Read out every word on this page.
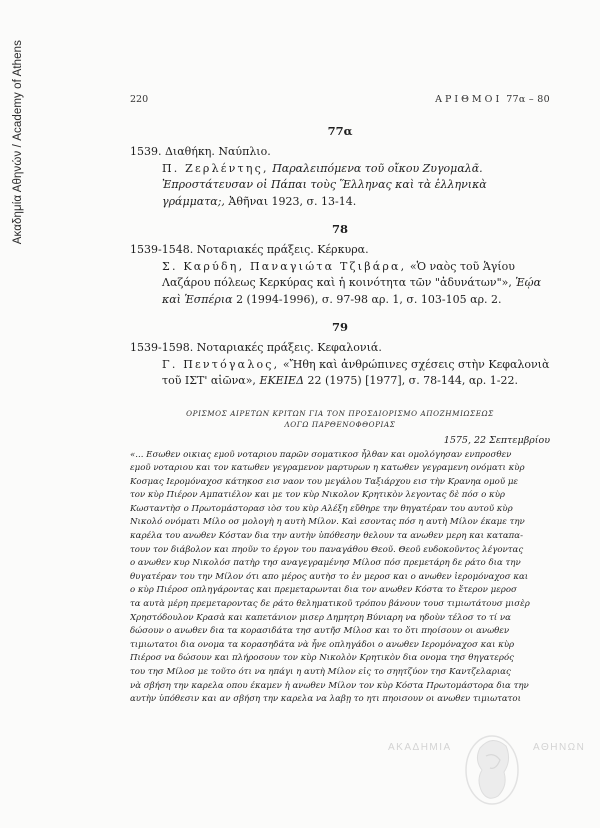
Ακαδημία Αθηνών / Academy of Athens	220	ΑΡΙΘΜΟΙ 77α – 80
77α
1539. Διαθήκη. Ναύπλιο.
Π. Ζερλέντης, Παραλειπόμενα τοῦ οἴκου Ζυγομαλᾶ. Ἐπροστάτευσαν οἱ Πάπαι τοὺς Ἕλληνας καὶ τὰ ἑλληνικὰ γράμματα;, Ἀθῆναι 1923, σ. 13-14.
78
1539-1548. Νοταριακές πράξεις. Κέρκυρα.
Σ. Καρύδη, Παναγιώτα Τζιβάρα, «Ὁ ναὸς τοῦ Ἁγίου Λαζάρου πόλεως Κερκύρας καὶ ἡ κοινότητα τῶν "ἀδυνάτων"», Ἑῴα καὶ Ἑσπέρια 2 (1994-1996), σ. 97-98 αρ. 1, σ. 103-105 αρ. 2.
79
1539-1598. Νοταριακές πράξεις. Κεφαλονιά.
Γ. Πεντόγαλος, «Ἤθη καὶ ἀνθρώπινες σχέσεις στὴν Κεφαλονιὰ τοῦ ΙΣΤ' αἰῶνα», ΕΚΕΙΕΔ 22 (1975) [1977], σ. 78-144, αρ. 1-22.
ΟΡΙΣΜΟΣ ΑΙΡΕΤΩΝ ΚΡΙΤΩΝ ΓΙΑ ΤΟΝ ΠΡΟΣΔΙΟΡΙΣΜΟ ΑΠΟΖΗΜΙΩΣΕΩΣ
ΛΟΓΩ ΠΑΡΘΕΝΟΦΘΟΡΙΑΣ
1575, 22 Σεπτεμβρίου
«... Εσωθεν οικιας εμοῦ νοταριου παρῶν σοματικοσ ἦλθαν και ομολόγησαν ενπροσθεν
εμοῦ νοταριου και τον κατωθεν γεγραμενον μαρτυρων η κατωθεν γεγραμενη ονόματι κὺρ
Κοσμας Ιερομόναχοσ κάτηκοσ εισ ναον του μεγάλου Ταξιάρχου εισ τὴν Κρανηα ομοῦ με
τον κὺρ Πιέρον Αμπατιέλον και με τον κὺρ Νικολον Κρητικὸν λεγοντας δὲ πόσ ο κὺρ
Κωσταντὴσ ο Πρωτομάστορασ ιὸσ του κὺρ Αλέξη εὔθηρε την θηγατέραν του αυτοῦ κὺρ
Νικολό ονόματι Μίλο οσ μολογὴ η αυτὴ Μίλον. Καὶ εσοντας πόσ η αυτὴ Μίλον έκαμε την
καρέλα του ανωθεν Κόσταν δια την αυτὴν ὑπόθεσην θελουν τα ανωθεν μερη και καταπα-
τουν τον διάβολον και πηοῦν το έργον του παναγάθου Θεοῦ. Θεοῦ ευδοκοῦντος λέγοντας
ο ανωθεν κυρ Νικολόσ πατὴρ τησ αναγεγραμένησ Μίλοσ πόσ πρεμετάρη δε ράτο δια την
θυγατέραν του την Μίλον ότι απο μέρος αυτὴσ το ἐν μεροσ και ο ανωθεν ἱερομόναχοσ και
ο κὺρ Πιέροσ οπληγάροντας και πρεμεταρωνται δια τον ανωθεν Κόστα το ἕτερον μεροσ
τα αυτὰ μέρη πρεμεταροντας δε ράτο θεληματικοῦ τρόπου βάνουν τουσ τιμιωτάτουσ μισὲρ
Χρηστόδουλον Κρασὰ και καπετάνιον μισερ Δημητρη Βύνιαρη να ηδοὺν τέλοσ το τί να
δώσουν ο ανωθεν δια τα κορασιδάτα τησ αυτῆσ Μίλοσ και το ὅτι πηοίσουν οι ανωθεν
τιμιωτατοι δια ονομα τα κορασηδάτα νὰ ἦνε οπληγάδοι ο ανωθεν Ιερομόναχοσ και κὺρ
Πιέροσ να δώσουν και πλήροσουν τον κὺρ Νικολὸν Κρητικὸν δια ονομα τησ θηγατερός
του τησ Μίλοσ με τοῦτο ότι να ηπάγι η αυτὴ Μίλον εἰς το σηητζύον τησ Καντζελαριας
νὰ σβήση την καρελα οπου έκαμεν ἡ ανωθεν Μίλον τον κὺρ Κόστα Πρωτομάστορα δια την
αυτὴν ὑπόθεσιν και αν σβήση την καρελα να λαβῃ το ητι πηοισουν οι ανωθεν τιμιωτατοι
ΑΚΑΔΗΜΙΑ	ΑΘΗΝΩΝ
